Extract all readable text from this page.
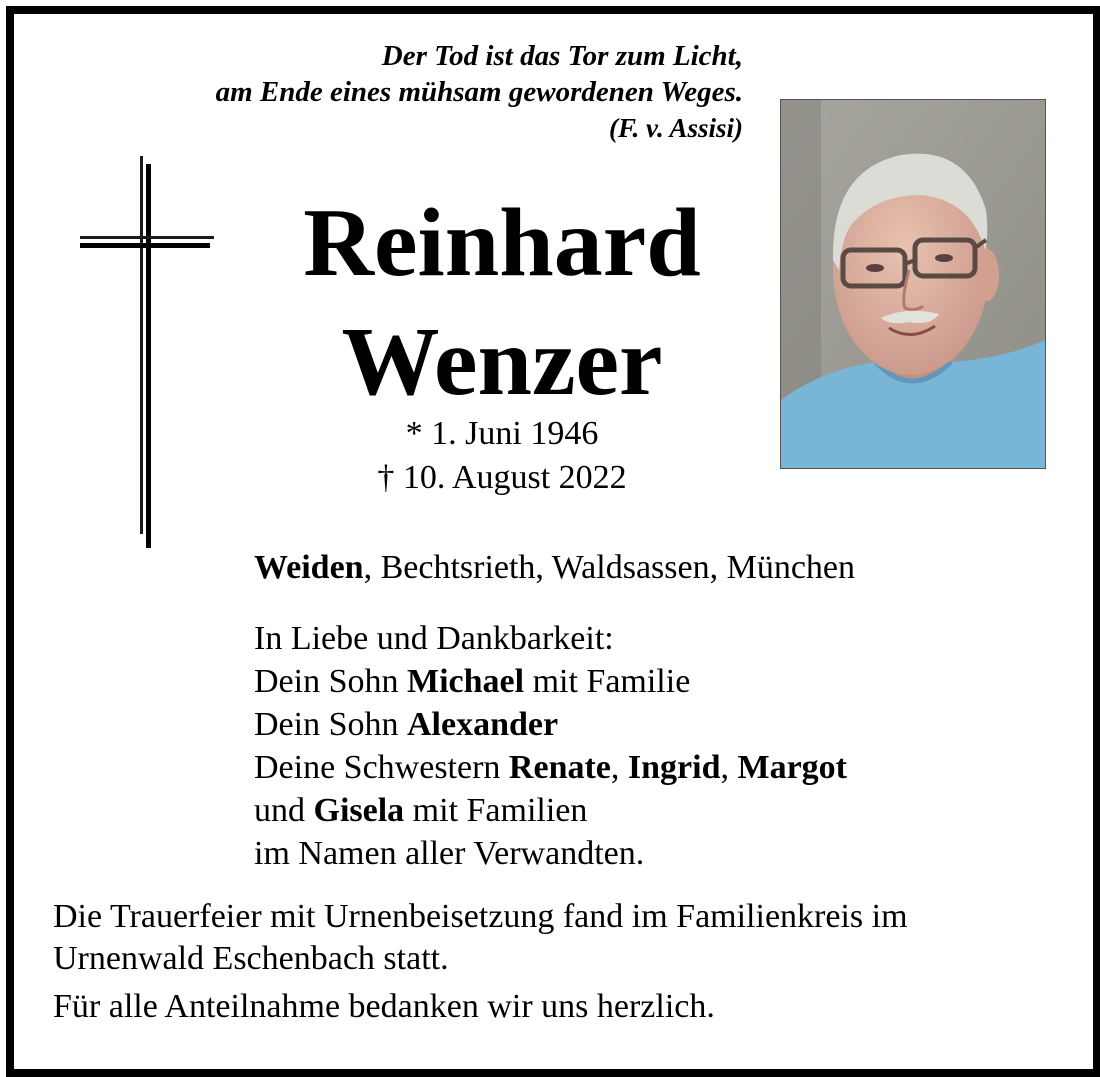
Der Tod ist das Tor zum Licht,
am Ende eines mühsam gewordenen Weges.
(F. v. Assisi)
Reinhard
Wenzer
* 1. Juni 1946
† 10. August 2022
Weiden, Bechtsrieth, Waldsassen, München
In Liebe und Dankbarkeit:
Dein Sohn Michael mit Familie
Dein Sohn Alexander
Deine Schwestern Renate, Ingrid, Margot
und Gisela mit Familien
im Namen aller Verwandten.
Die Trauerfeier mit Urnenbeisetzung fand im Familienkreis im
Urnenwald Eschenbach statt.
Für alle Anteilnahme bedanken wir uns herzlich.
